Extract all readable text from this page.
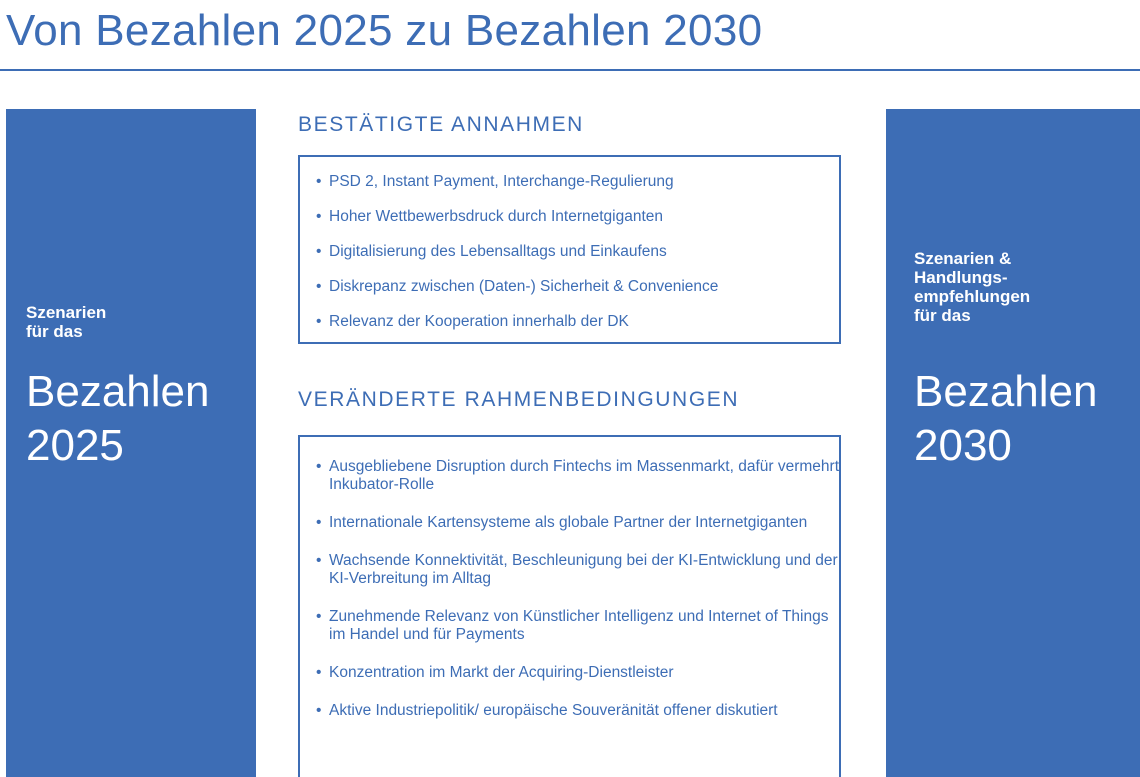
Von Bezahlen 2025 zu Bezahlen 2030
Szenarien
für das
Bezahlen
2025
BESTÄTIGTE ANNAHMEN
• PSD 2, Instant Payment, Interchange-Regulierung
• Hoher Wettbewerbsdruck durch Internetgiganten
• Digitalisierung des Lebensalltags und Einkaufens
• Diskrepanz zwischen (Daten-) Sicherheit & Convenience
• Relevanz der Kooperation innerhalb der DK
VERÄNDERTE RAHMENBEDINGUNGEN
• Ausgebliebene Disruption durch Fintechs im Massenmarkt, dafür vermehrt Inkubator-Rolle
• Internationale Kartensysteme als globale Partner der Internetgiganten
• Wachsende Konnektivität, Beschleunigung bei der KI-Entwicklung und der KI-Verbreitung im Alltag
• Zunehmende Relevanz von Künstlicher Intelligenz und Internet of Things im Handel und für Payments
• Konzentration im Markt der Acquiring-Dienstleister
• Aktive Industriepolitik/ europäische Souveränität offener diskutiert
Szenarien &
Handlungs-
empfehlungen
für das
Bezahlen
2030
